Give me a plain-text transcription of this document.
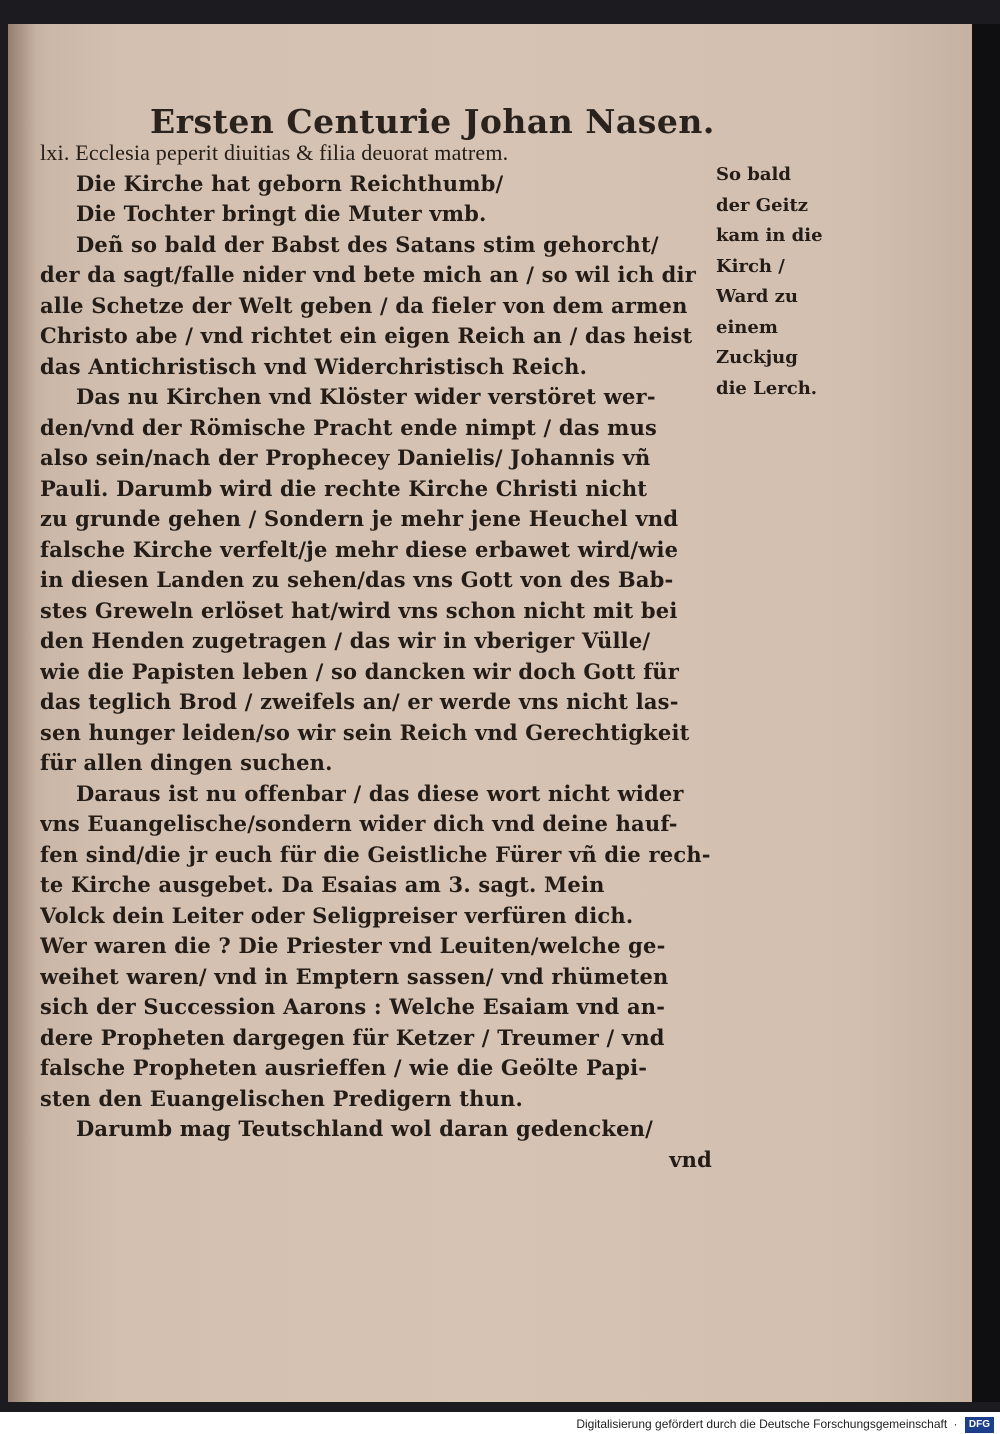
Ersten Centurie Johan Nasen.
lxi. Ecclesia peperit diuitias & filia deuorat matrem.
Die Kirche hat geborn Reichthumb/
Die Tochter bringt die Muter vmb.
Deñ so bald der Babst des Satans stim gehorcht/
der da sagt/falle nider vnd bete mich an / so wil ich dir
alle Schetze der Welt geben / da fieler von dem armen
Christo abe / vnd richtet ein eigen Reich an / das heist
das Antichristisch vnd Widerchristisch Reich.
Das nu Kirchen vnd Klöster wider verstöret wer-
den/vnd der Römische Pracht ende nimpt / das mus
also sein/nach der Prophecey Danielis/ Johannis vñ
Pauli. Darumb wird die rechte Kirche Christi nicht
zu grunde gehen / Sondern je mehr jene Heuchel vnd
falsche Kirche verfelt/je mehr diese erbawet wird/wie
in diesen Landen zu sehen/das vns Gott von des Bab-
stes Greweln erlöset hat/wird vns schon nicht mit bei
den Henden zugetragen / das wir in vberiger Vülle/
wie die Papisten leben / so dancken wir doch Gott für
das teglich Brod / zweifels an/ er werde vns nicht las-
sen hunger leiden/so wir sein Reich vnd Gerechtigkeit
für allen dingen suchen.
Daraus ist nu offenbar / das diese wort nicht wider
vns Euangelische/sondern wider dich vnd deine hauf-
fen sind/die jr euch für die Geistliche Fürer vñ die rech-
te Kirche ausgebet. Da Esaias am 3. sagt. Mein
Volck dein Leiter oder Seligpreiser verfüren dich.
Wer waren die ? Die Priester vnd Leuiten/welche ge-
weihet waren/ vnd in Emptern sassen/ vnd rhümeten
sich der Succession Aarons : Welche Esaiam vnd an-
dere Propheten dargegen für Ketzer / Treumer / vnd
falsche Propheten ausrieffen / wie die Geölte Papi-
sten den Euangelischen Predigern thun.
Darumb mag Teutschland wol daran gedencken/
vnd
So bald
der Geitz
kam in die
Kirch /
Ward zu
einem
Zuckjug
die Lerch.
Digitalisierung gefördert durch die Deutsche Forschungsgemeinschaft · DFG
